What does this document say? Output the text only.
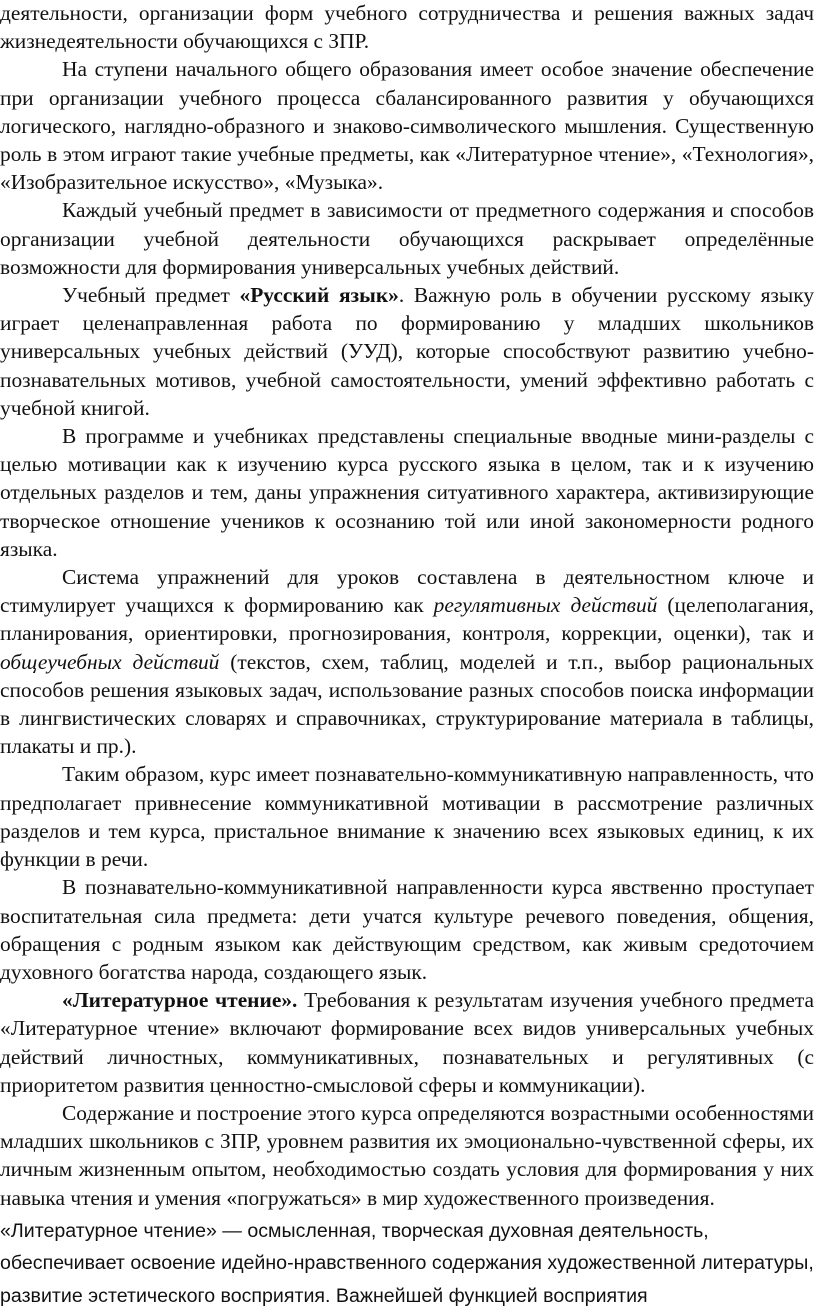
деятельности, организации форм учебного сотрудничества и решения важных задач жизнедеятельности обучающихся с ЗПР.

На ступени начального общего образования имеет особое значение обеспечение при организации учебного процесса сбалансированного развития у обучающихся логического, наглядно-образного и знаково-символического мышления. Существенную роль в этом играют такие учебные предметы, как «Литературное чтение», «Технология», «Изобразительное искусство», «Музыка».

Каждый учебный предмет в зависимости от предметного содержания и способов организации учебной деятельности обучающихся раскрывает определённые возможности для формирования универсальных учебных действий.

Учебный предмет «Русский язык». Важную роль в обучении русскому языку играет целенаправленная работа по формированию у младших школьников универсальных учебных действий (УУД), которые способствуют развитию учебно-познавательных мотивов, учебной самостоятельности, умений эффективно работать с учебной книгой.

В программе и учебниках представлены специальные вводные мини-разделы с целью мотивации как к изучению курса русского языка в целом, так и к изучению отдельных разделов и тем, даны упражнения ситуативного характера, активизирующие творческое отношение учеников к осознанию той или иной закономерности родного языка.

Система упражнений для уроков составлена в деятельностном ключе и стимулирует учащихся к формированию как регулятивных действий (целеполагания, планирования, ориентировки, прогнозирования, контроля, коррекции, оценки), так и общеучебных действий (текстов, схем, таблиц, моделей и т.п., выбор рациональных способов решения языковых задач, использование разных способов поиска информации в лингвистических словарях и справочниках, структурирование материала в таблицы, плакаты и пр.).

Таким образом, курс имеет познавательно-коммуникативную направленность, что предполагает привнесение коммуникативной мотивации в рассмотрение различных разделов и тем курса, пристальное внимание к значению всех языковых единиц, к их функции в речи.

В познавательно-коммуникативной направленности курса явственно проступает воспитательная сила предмета: дети учатся культуре речевого поведения, общения, обращения с родным языком как действующим средством, как живым средоточием духовного богатства народа, создающего язык.

«Литературное чтение». Требования к результатам изучения учебного предмета «Литературное чтение» включают формирование всех видов универсальных учебных действий личностных, коммуникативных, познавательных и регулятивных (с приоритетом развития ценностно-смысловой сферы и коммуникации).

Содержание и построение этого курса определяются возрастными особенностями младших школьников с ЗПР, уровнем развития их эмоционально-чувственной сферы, их личным жизненным опытом, необходимостью создать условия для формирования у них навыка чтения и умения «погружаться» в мир художественного произведения.

«Литературное чтение» — осмысленная, творческая духовная деятельность, обеспечивает освоение идейно-нравственного содержания художественной литературы, развитие эстетического восприятия. Важнейшей функцией восприятия
